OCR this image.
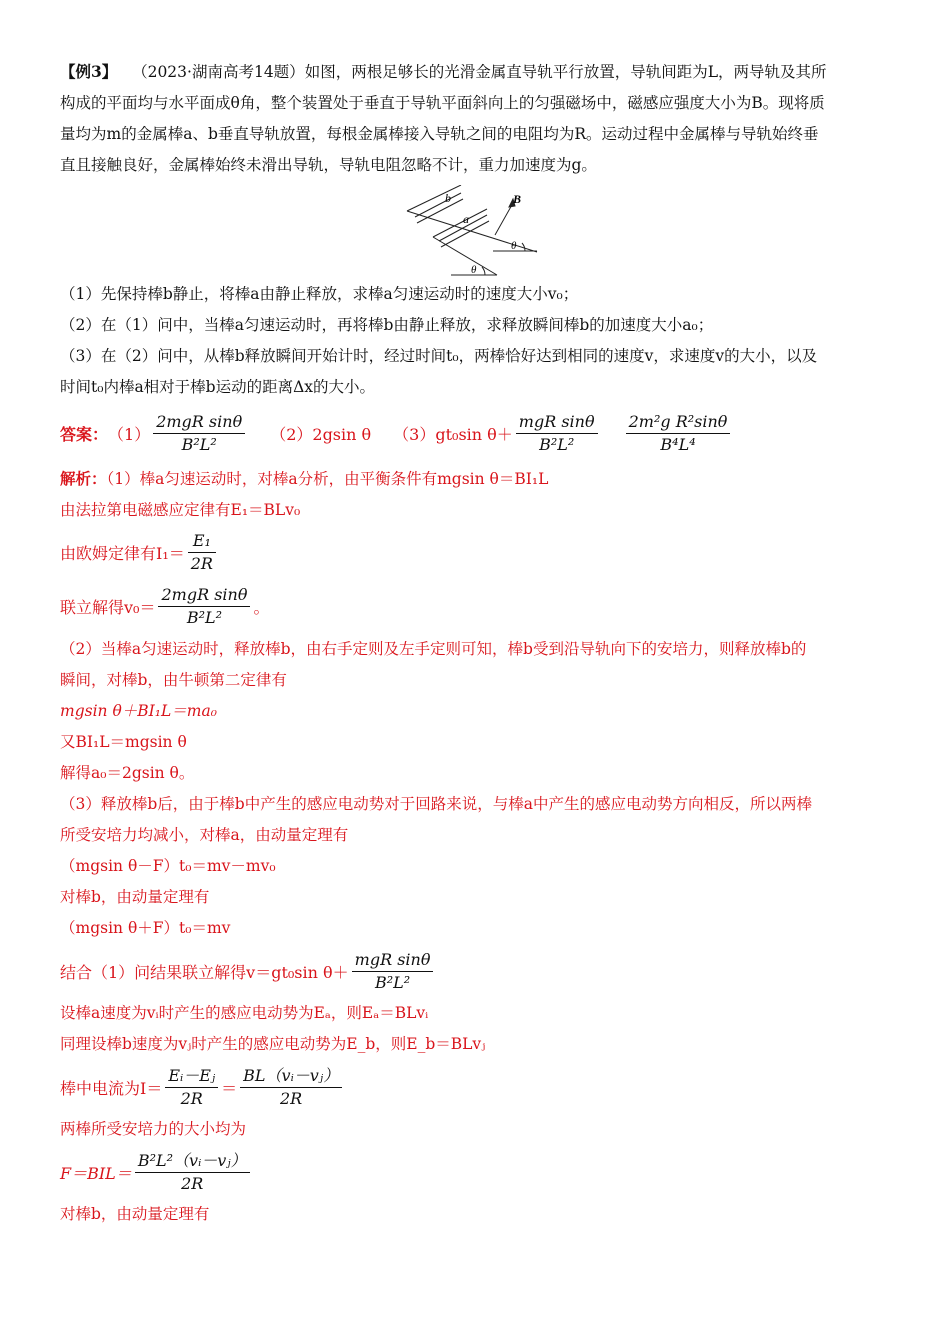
【例3】 （2023·湖南高考14题）如图，两根足够长的光滑金属直导轨平行放置，导轨间距为L，两导轨及其所

构成的平面均与水平面成θ角，整个装置处于垂直于导轨平面斜向上的匀强磁场中，磁感应强度大小为B。现将质

量均为m的金属棒a、b垂直导轨放置，每根金属棒接入导轨之间的电阻均为R。运动过程中金属棒与导轨始终垂

直且接触良好，金属棒始终未滑出导轨，导轨电阻忽略不计，重力加速度为g。

b
a
B
θ
θ

（1）先保持棒b静止，将棒a由静止释放，求棒a匀速运动时的速度大小v₀；

（2）在（1）问中，当棒a匀速运动时，再将棒b由静止释放，求释放瞬间棒b的加速度大小a₀；

（3）在（2）问中，从棒b释放瞬间开始计时，经过时间t₀，两棒恰好达到相同的速度v，求速度v的大小，以及

时间t₀内棒a相对于棒b运动的距离Δx的大小。

答案： $(1) \frac{\text{2mgR sinθ}}{\text{B²L²}} (2)2gsin$ θ （3）gt₀sin $\theta+ \frac{\text{mgR sinθ}}{\text{B²L²}} \frac{\text{2m²g R²sinθ}}{\text{B⁴L⁴}}$

解析：（1）棒a匀速运动时，对棒a分析，由平衡条件有mgsin θ＝BI₁L

由法拉第电磁感应定律有E₁＝BLv₀

由欧姆定律有$I_1= \frac{\text{E₁}}{2R}$
联立解得$v_0= \frac{\text{2mgR sinθ}}{\text{B²L²}}$ 。

（2）当棒a匀速运动时，释放棒b，由右手定则及左手定则可知，棒b受到沿导轨向下的安培力，则释放棒b的

瞬间，对棒b，由牛顿第二定律有

mgsin θ＋BI₁L＝ma₀

又BI₁L＝mgsin θ

解得a₀＝2gsin θ。

（3）释放棒b后，由于棒b中产生的感应电动势对于回路来说，与棒a中产生的感应电动势方向相反，所以两棒

所受安培力均减小，对棒a，由动量定理有

（mgsin θ－F）t₀＝mv－mv₀

对棒b，由动量定理有

（mgsin θ＋F）t₀＝mv

结合（1）问结果联立解得v＝gt₀sin $\theta+ \frac{\text{mgR sinθ}}{\text{B²L²}}$

设棒a速度为vᵢ时产生的感应电动势为Eₐ，则Eₐ＝BLvᵢ

同理设棒b速度为vⱼ时产生的感应电动势为E_b，则E_b＝BLvⱼ

棒中电流为$I= \frac{\text{Eᵢ－Eⱼ}}{2R} = \frac{\text{BL（vᵢ－vⱼ）}}{2R}$

两棒所受安培力的大小均为

$F=BIL= \frac{\text{B²L²（vᵢ－vⱼ）}}{2R}$

对棒b，由动量定理有
